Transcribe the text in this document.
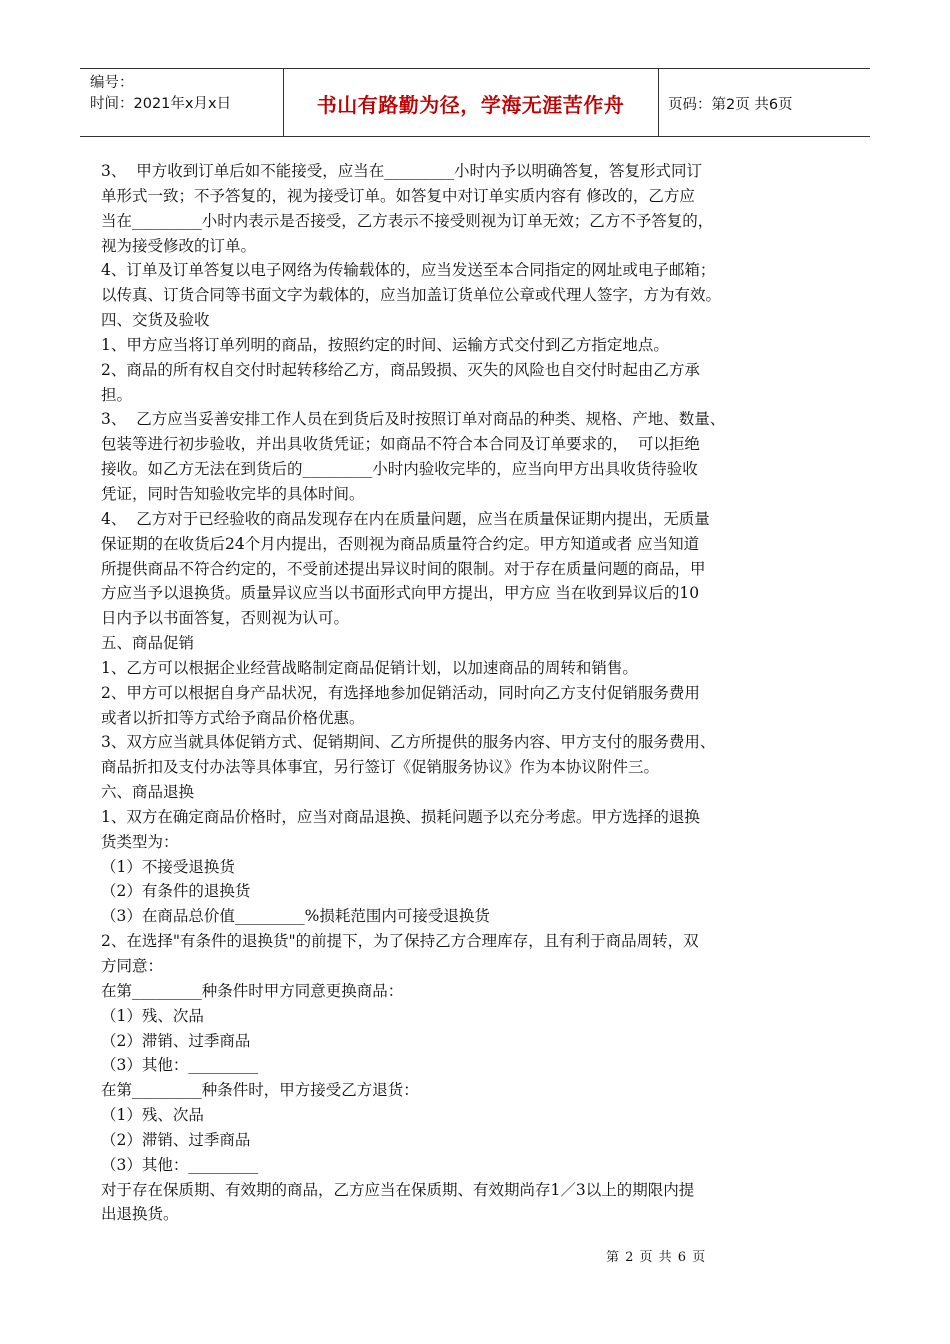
编号：
时间：2021年x月x日	书山有路勤为径，学海无涯苦作舟	页码：第2页 共6页
3、  甲方收到订单后如不能接受，应当在_________小时内予以明确答复，答复形式同订
单形式一致；不予答复的，视为接受订单。如答复中对订单实质内容有 修改的，乙方应
当在_________小时内表示是否接受，乙方表示不接受则视为订单无效；乙方不予答复的，
视为接受修改的订单。
4、订单及订单答复以电子网络为传输载体的，应当发送至本合同指定的网址或电子邮箱；
以传真、订货合同等书面文字为载体的，应当加盖订货单位公章或代理人签字，方为有效。
四、交货及验收
1、甲方应当将订单列明的商品，按照约定的时间、运输方式交付到乙方指定地点。
2、商品的所有权自交付时起转移给乙方，商品毁损、灭失的风险也自交付时起由乙方承
担。
3、  乙方应当妥善安排工作人员在到货后及时按照订单对商品的种类、规格、产地、数量、
包装等进行初步验收，并出具收货凭证；如商品不符合本合同及订单要求的，  可以拒绝
接收。如乙方无法在到货后的_________小时内验收完毕的，应当向甲方出具收货待验收
凭证，同时告知验收完毕的具体时间。
4、  乙方对于已经验收的商品发现存在内在质量问题，应当在质量保证期内提出，无质量
保证期的在收货后24个月内提出，否则视为商品质量符合约定。甲方知道或者 应当知道
所提供商品不符合约定的，不受前述提出异议时间的限制。对于存在质量问题的商品，甲
方应当予以退换货。质量异议应当以书面形式向甲方提出，甲方应 当在收到异议后的10
日内予以书面答复，否则视为认可。
五、商品促销
1、乙方可以根据企业经营战略制定商品促销计划，以加速商品的周转和销售。
2、甲方可以根据自身产品状况，有选择地参加促销活动，同时向乙方支付促销服务费用
或者以折扣等方式给予商品价格优惠。
3、双方应当就具体促销方式、促销期间、乙方所提供的服务内容、甲方支付的服务费用、
商品折扣及支付办法等具体事宜，另行签订《促销服务协议》作为本协议附件三。
六、商品退换
1、双方在确定商品价格时，应当对商品退换、损耗问题予以充分考虑。甲方选择的退换
货类型为：
（1）不接受退换货
（2）有条件的退换货
（3）在商品总价值_________%损耗范围内可接受退换货
2、在选择"有条件的退换货"的前提下，为了保持乙方合理库存，且有利于商品周转，双
方同意：
在第_________种条件时甲方同意更换商品：
（1）残、次品
（2）滞销、过季商品
（3）其他：_________
在第_________种条件时，甲方接受乙方退货：
（1）残、次品
（2）滞销、过季商品
（3）其他：_________
对于存在保质期、有效期的商品，乙方应当在保质期、有效期尚存1／3以上的期限内提
出退换货。
第 2 页 共 6 页
